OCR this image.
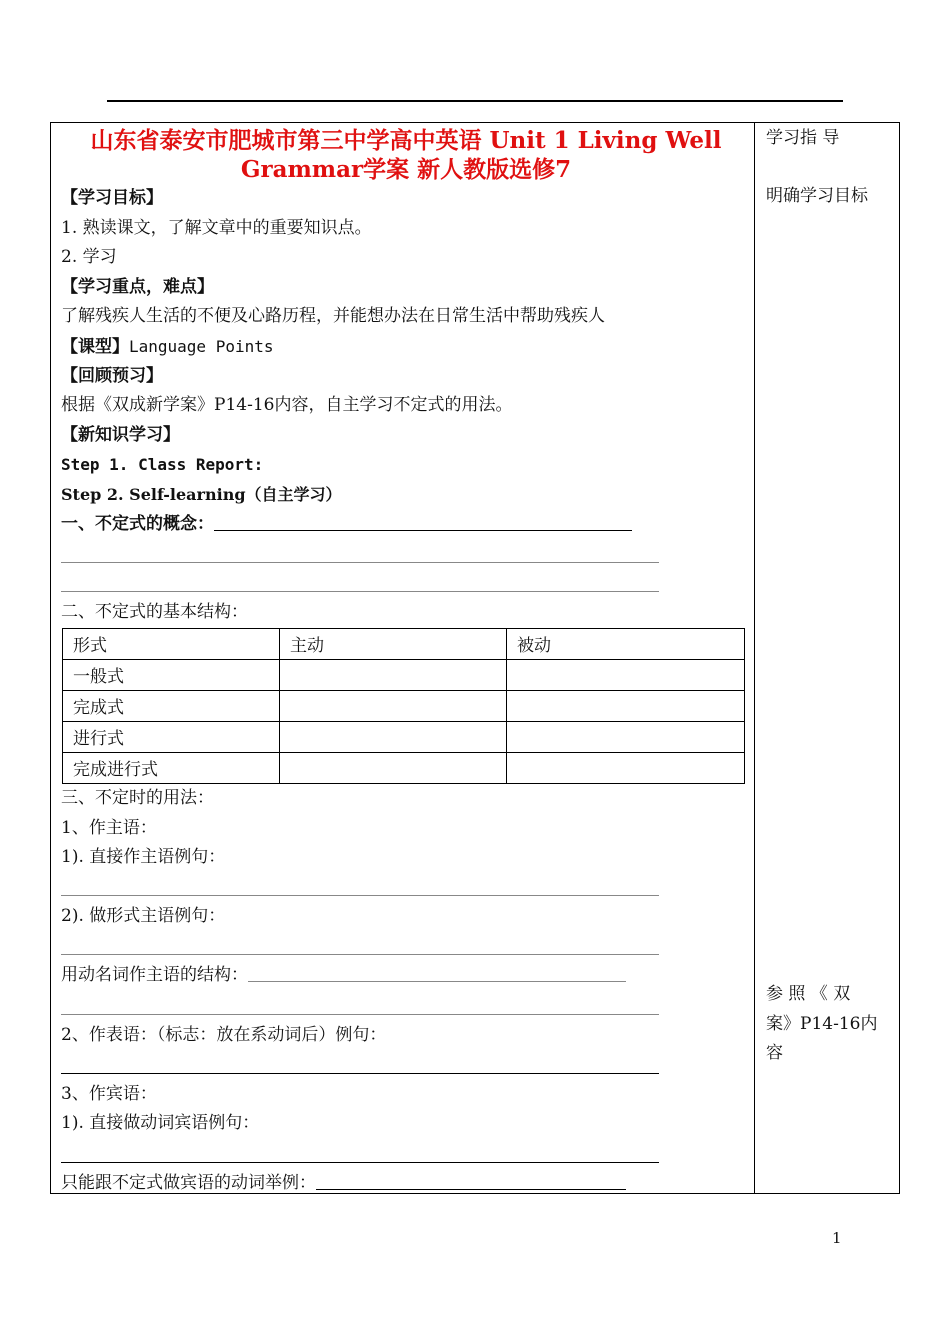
山东省泰安市肥城市第三中学高中英语 Unit 1 Living Well Grammar学案 新人教版选修7
【学习目标】
1. 熟读课文，了解文章中的重要知识点。
2. 学习
【学习重点，难点】
了解残疾人生活的不便及心路历程，并能想办法在日常生活中帮助残疾人
【课型】Language Points
【回顾预习】
根据《双成新学案》P14-16内容，自主学习不定式的用法。
【新知识学习】
Step 1. Class Report:
Step 2. Self-learning（自主学习）
一、不定式的概念：
二、不定式的基本结构：
形式	主动	被动
一般式		
完成式		
进行式		
完成进行式		
三、不定时的用法：
1、作主语：
1). 直接作主语例句：
2). 做形式主语例句：
用动名词作主语的结构：
2、作表语：（标志：放在系动词后）例句：
3、作宾语：
1). 直接做动词宾语例句：
只能跟不定式做宾语的动词举例：
学习指 导
明确学习目标
参 照 《 双
案》P14-16内
容
1
